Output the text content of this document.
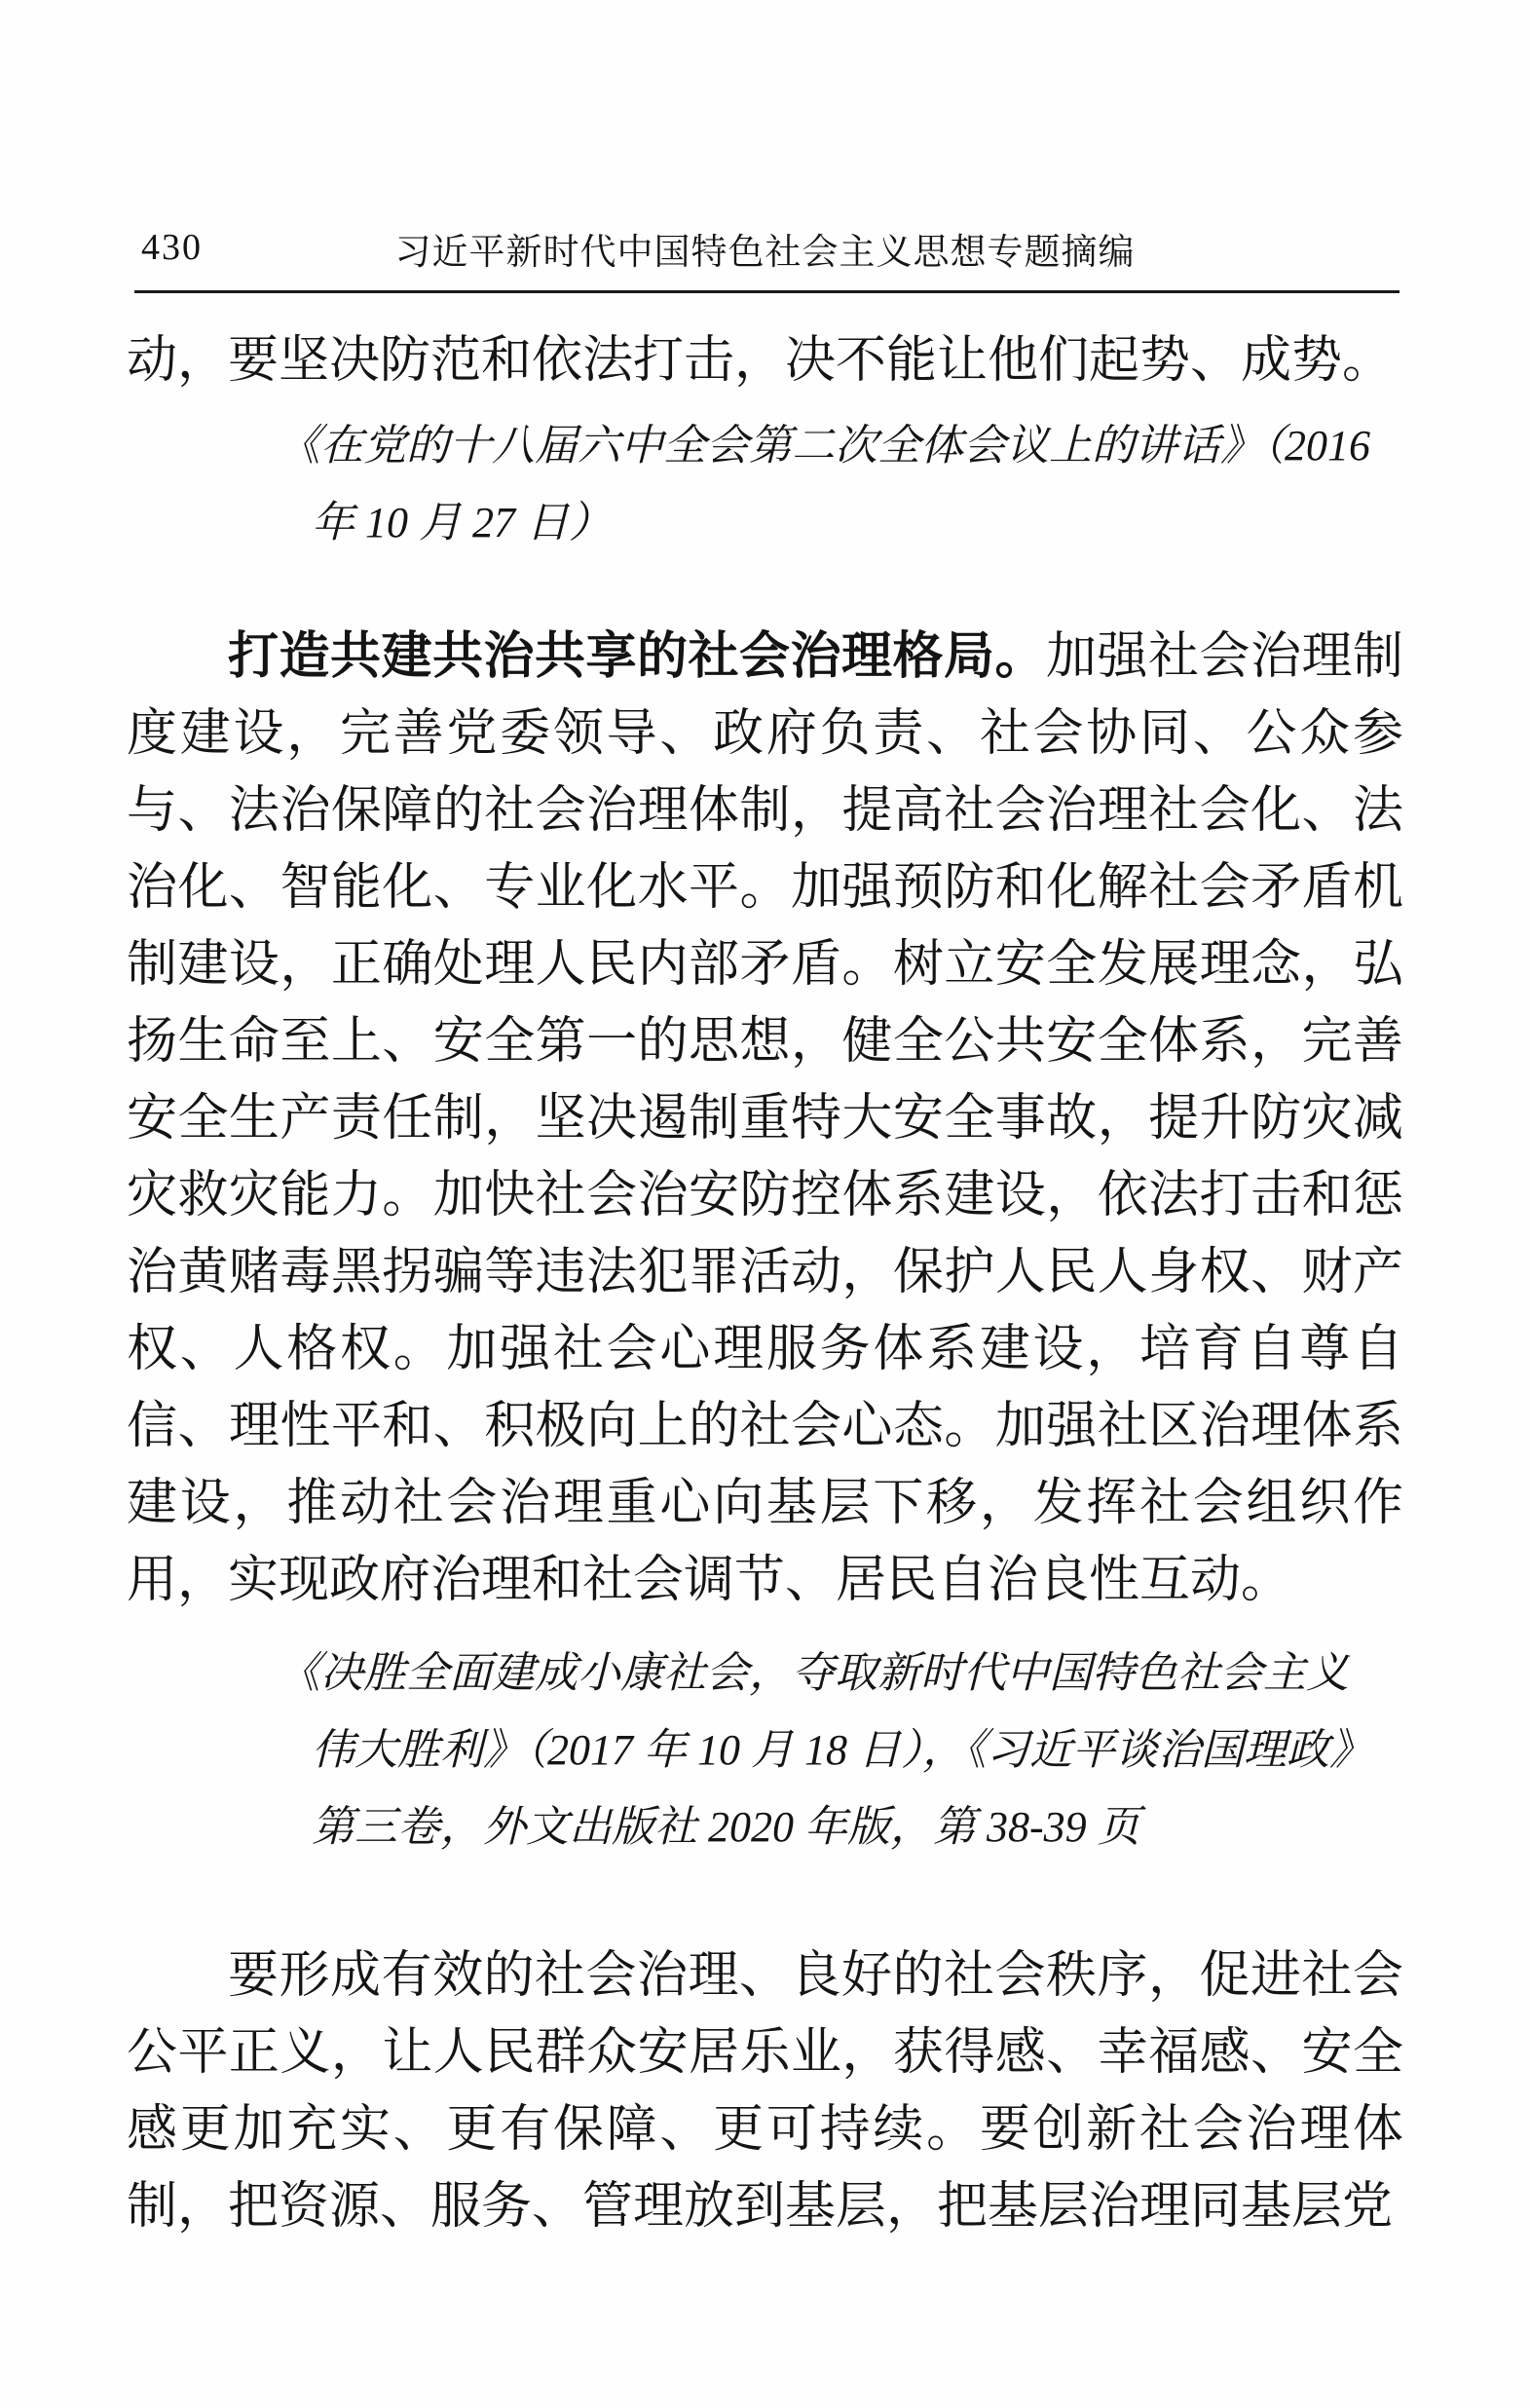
430	习近平新时代中国特色社会主义思想专题摘编

动，要坚决防范和依法打击，决不能让他们起势、成势。

《在党的十八届六中全会第二次全体会议上的讲话》（2016
年 10 月 27 日）

打造共建共治共享的社会治理格局。加强社会治理制度建设，完善党委领导、政府负责、社会协同、公众参与、法治保障的社会治理体制，提高社会治理社会化、法治化、智能化、专业化水平。加强预防和化解社会矛盾机制建设，正确处理人民内部矛盾。树立安全发展理念，弘扬生命至上、安全第一的思想，健全公共安全体系，完善安全生产责任制，坚决遏制重特大安全事故，提升防灾减灾救灾能力。加快社会治安防控体系建设，依法打击和惩治黄赌毒黑拐骗等违法犯罪活动，保护人民人身权、财产权、人格权。加强社会心理服务体系建设，培育自尊自信、理性平和、积极向上的社会心态。加强社区治理体系建设，推动社会治理重心向基层下移，发挥社会组织作用，实现政府治理和社会调节、居民自治良性互动。

《决胜全面建成小康社会，夺取新时代中国特色社会主义
伟大胜利》（2017 年 10 月 18 日），《习近平谈治国理政》
第三卷，外文出版社 2020 年版，第 38-39 页

要形成有效的社会治理、良好的社会秩序，促进社会公平正义，让人民群众安居乐业，获得感、幸福感、安全感更加充实、更有保障、更可持续。要创新社会治理体制，把资源、服务、管理放到基层，把基层治理同基层党
